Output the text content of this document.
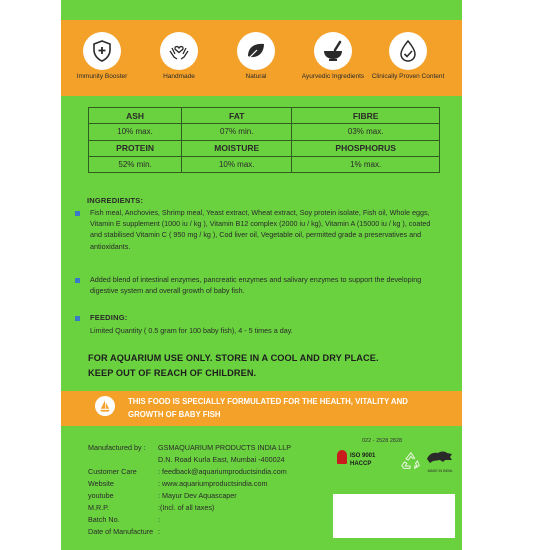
Immunity Booster	Handmade	Natural	Ayurvedic Ingredients	Clinically Proven Content
ASH	FAT	FIBRE
10% max.	07% min.	03% max.
PROTEIN	MOISTURE	PHOSPHORUS
52% min.	10% max.	1% max.
INGREDIENTS:
Fish meal, Anchovies, Shrimp meal, Yeast extract, Wheat extract, Soy protein isolate, Fish oil, Whole eggs, Vitamin E supplement (1000 iu / kg ), Vitamin B12 complex (2000 iu / kg), Vitamin A (15000 iu / kg ), coated and stabilised Vitamin C ( 950 mg / kg ), Cod liver oil, Vegetable oil, permitted grade a preservatives and antioxidants.
Added blend of intestinal enzymes, pancreatic enzymes and salivary enzymes to support the developing digestive system and overall growth of baby fish.
FEEDING:
Limited Quantity ( 0.5 gram for 100 baby fish), 4 - 5 times a day.
FOR AQUARIUM USE ONLY. STORE IN A COOL AND DRY PLACE.
KEEP OUT OF REACH OF CHILDREN.
THIS FOOD IS SPECIALLY FORMULATED FOR THE HEALTH, VITALITY AND
GROWTH OF BABY FISH
Manufactured by : GSMAQUARIUM PRODUCTS INDIA LLP
D.N. Road Kurla East, Mumbai -400024
Customer Care	: feedback@aquariumproductsindia.com
Website	: www.aquariumproductsindia.com
youtube	: Mayur Dev Aquascaper
M.R.P.	:(Incl. of all taxes)
Batch No.	:
Date of Manufacture :
022 - 2528 2828
ISO 9001
HACCP
MAKE IN INDIA
